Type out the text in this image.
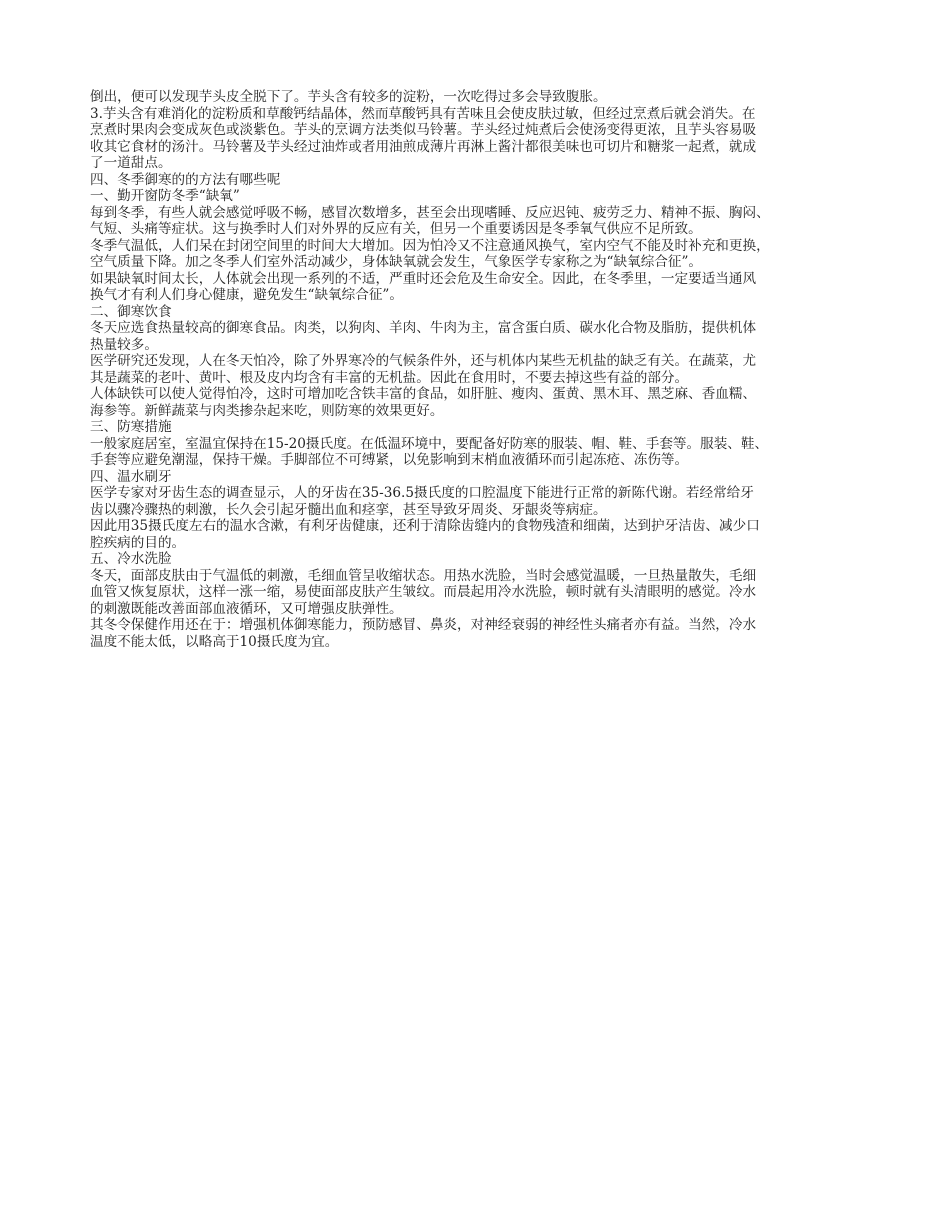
倒出，便可以发现芋头皮全脱下了。芋头含有较多的淀粉，一次吃得过多会导致腹胀。

3.芋头含有难消化的淀粉质和草酸钙结晶体，然而草酸钙具有苦味且会使皮肤过敏，但经过烹煮后就会消失。在

烹煮时果肉会变成灰色或淡紫色。芋头的烹调方法类似马铃薯。芋头经过炖煮后会使汤变得更浓，且芋头容易吸

收其它食材的汤汁。马铃薯及芋头经过油炸或者用油煎成薄片再淋上酱汁都很美味也可切片和糖浆一起煮，就成

了一道甜点。

四、冬季御寒的的方法有哪些呢

一、勤开窗防冬季“缺氧”

每到冬季，有些人就会感觉呼吸不畅，感冒次数增多，甚至会出现嗜睡、反应迟钝、疲劳乏力、精神不振、胸闷、

气短、头痛等症状。这与换季时人们对外界的反应有关，但另一个重要诱因是冬季氧气供应不足所致。

冬季气温低，人们呆在封闭空间里的时间大大增加。因为怕冷又不注意通风换气，室内空气不能及时补充和更换，

空气质量下降。加之冬季人们室外活动减少，身体缺氧就会发生，气象医学专家称之为“缺氧综合征”。

如果缺氧时间太长，人体就会出现一系列的不适，严重时还会危及生命安全。因此，在冬季里，一定要适当通风

换气才有利人们身心健康，避免发生“缺氧综合征”。

二、御寒饮食

冬天应选食热量较高的御寒食品。肉类，以狗肉、羊肉、牛肉为主，富含蛋白质、碳水化合物及脂肪，提供机体

热量较多。

医学研究还发现，人在冬天怕冷，除了外界寒冷的气候条件外，还与机体内某些无机盐的缺乏有关。在蔬菜，尤

其是蔬菜的老叶、黄叶、根及皮内均含有丰富的无机盐。因此在食用时，不要去掉这些有益的部分。

人体缺铁可以使人觉得怕冷，这时可增加吃含铁丰富的食品，如肝脏、瘦肉、蛋黄、黑木耳、黑芝麻、香血糯、

海参等。新鲜蔬菜与肉类掺杂起来吃，则防寒的效果更好。

三、防寒措施

一般家庭居室，室温宜保持在15-20摄氏度。在低温环境中，要配备好防寒的服装、帽、鞋、手套等。服装、鞋、

手套等应避免潮湿，保持干燥。手脚部位不可缚紧，以免影响到末梢血液循环而引起冻疮、冻伤等。

四、温水刷牙

医学专家对牙齿生态的调查显示，人的牙齿在35-36.5摄氏度的口腔温度下能进行正常的新陈代谢。若经常给牙

齿以骤冷骤热的刺激，长久会引起牙髓出血和痉挛，甚至导致牙周炎、牙龈炎等病症。

因此用35摄氏度左右的温水含漱，有利牙齿健康，还利于清除齿缝内的食物残渣和细菌，达到护牙洁齿、减少口

腔疾病的目的。

五、冷水洗脸

冬天，面部皮肤由于气温低的刺激，毛细血管呈收缩状态。用热水洗脸，当时会感觉温暖，一旦热量散失，毛细

血管又恢复原状，这样一涨一缩，易使面部皮肤产生皱纹。而晨起用冷水洗脸，顿时就有头清眼明的感觉。冷水

的刺激既能改善面部血液循环，又可增强皮肤弹性。

其冬令保健作用还在于：增强机体御寒能力，预防感冒、鼻炎，对神经衰弱的神经性头痛者亦有益。当然，冷水

温度不能太低，以略高于10摄氏度为宜。
